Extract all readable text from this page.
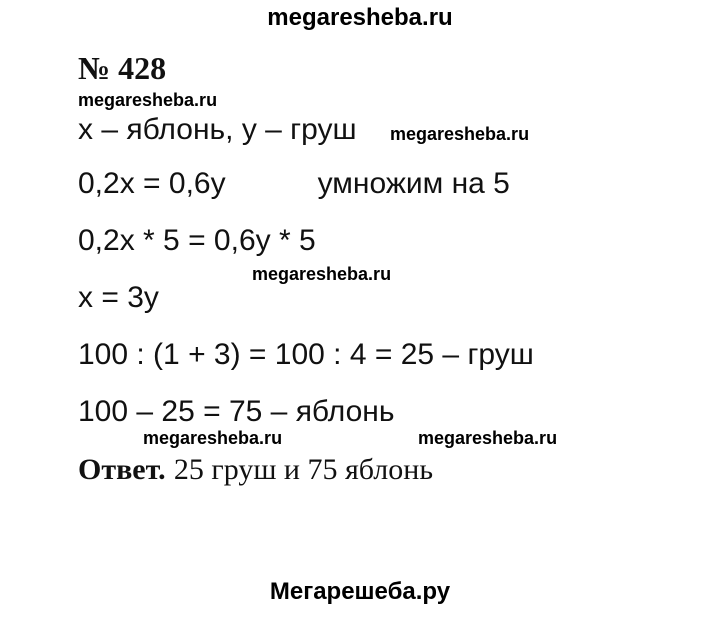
megaresheba.ru
№ 428
megaresheba.ru
x – яблонь, y – груш megaresheba.ru
0,2x = 0,6y	умножим на 5
0,2x * 5 = 0,6y * 5
megaresheba.ru
x = 3y
100 : (1 + 3) = 100 : 4 = 25 – груш
100 – 25 = 75 – яблонь
megaresheba.ru	megaresheba.ru
Ответ. 25 груш и 75 яблонь
Мегарешеба.ру
